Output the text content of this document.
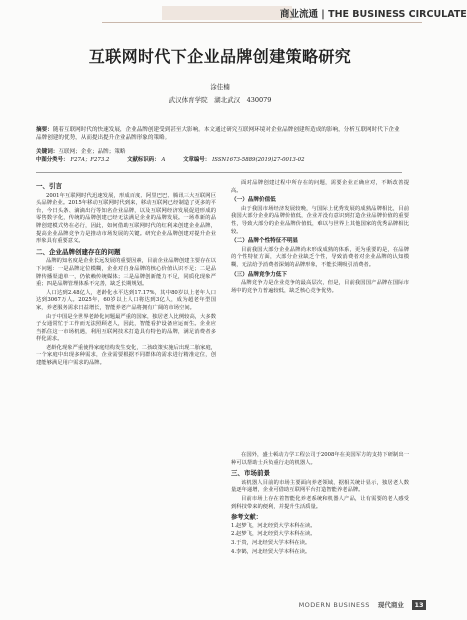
商业流通 | THE BUSINESS CIRCULATE
互联网时代下企业品牌创建策略研究
涂佳楠
武汉体育学院　湖北武汉　430079
摘要：随着互联网时代的快速发展，企业品牌创建受到甚至大影响。本文通过研究互联网环境对企业品牌创建所造成的影响，分析互联网时代下企业品牌创建的优势，从而提出提升企业品牌形象的策略。
关键词：互联网；企业；品牌；策略
中图分类号： F27A；F273.2	文献标识码： A	文章编号： ISSN1673-5889(2019)27-0013-02
一、引言

2001年互联网时代迅速发展，形成百度、阿里巴巴、腾讯三大互联网巨头品牌企业。2015年移动互联网时代到来，移动互联网已经制造了更多的平台，今日头条、滴滴出行等知名企业品牌，以及互联网经济发展促进形成的零售数字化，传统的品牌创建已经无法满足企业的品牌发展。一场革新的品牌创建模式势在必行，因此，如何借助互联网时代的红利来创建企业品牌，提高企业品牌竞争力是推动市场发展的关键。研究企业品牌创建对提升企业形象具有重要意义。

二、企业品牌创建存在的问题

品牌的知名度是企业长远发展的重要因素，目前企业品牌创建主要存在以下问题：一是品牌定位模糊，企业对自身品牌的核心价值认识不足；二是品牌传播渠道单一，仍依赖传统媒体；三是品牌创新能力不足，同质化现象严重；四是品牌管理体系不完善，缺乏长期规划。

人口达到2.48亿人，老龄化水平达到17.17%，其中80岁以上老年人口达到3067万人。2025年，60岁以上人口将达到3亿人，成为超老年型国家，养老服务需求日益增长，智能养老产品将拥有广阔的市场空间。

由于中国是全世界老龄化问题最严重的国家，独居老人比例较高，大多数子女通常忙于工作而无法照顾老人，因此，智能看护设备应运而生。企业应当抓住这一市场机遇，利用互联网技术打造具有特色的品牌，满足消费者多样化需求。

老龄化现象严重使得家庭结构发生变化，二孩政策实施后出现二胎家庭，一个家庭中出现多种需求，企业需要根据不同群体的需求进行精准定位，创建能够满足用户需求的品牌。

面对品牌创建过程中所存在的问题，需要企业正确应对，不断改善提高。

（一）品牌价值低

由于我国市场经济发展较晚，与国际上优秀发展的成熟品牌相比，目前我国大部分企业的品牌价值低，企业并没有意识到打造企业品牌价值的重要性，导致大部分的企业品牌价值低，难以与世界上其他国家的优秀品牌相比较。

（二）品牌个性特征不明显

目前我国大部分企业品牌尚未形成成熟的体系，更为重要的是，在品牌的个性特征方面，大部分企业缺乏个性，导致消费者对企业品牌的认知模糊，无法给予消费者深刻的品牌形象，不能长期吸引消费者。

（三）品牌竞争力低下

品牌竞争力是企业竞争的最高层次，但是，目前我国国产品牌在国际市场中的竞争力普遍较低，缺乏核心竞争优势。

在国外，盛士顿动力学工程公司于2008年在美国军方的支持下研制出一种可以帮助士兵负重行走的机器人。

三、市场前景

该机器人目前的市场主要面向养老领域，据相关统计显示，独居老人数量逐年递增，企业可借助互联网平台打造智能养老品牌。

目前市场上存在着智能化养老系统和机器人产品，让有需要的老人感受到科技带来的便利，并提升生活质量。

参考文献：

1.赵梦飞，河北经贸大学本科在读。

2.赵梦飞，河北经贸大学本科在读。

3.于贵，河北经贸大学本科在读。

4.李鹤，河北经贸大学本科在读。

MODERN BUSINESS 现代商业 13
